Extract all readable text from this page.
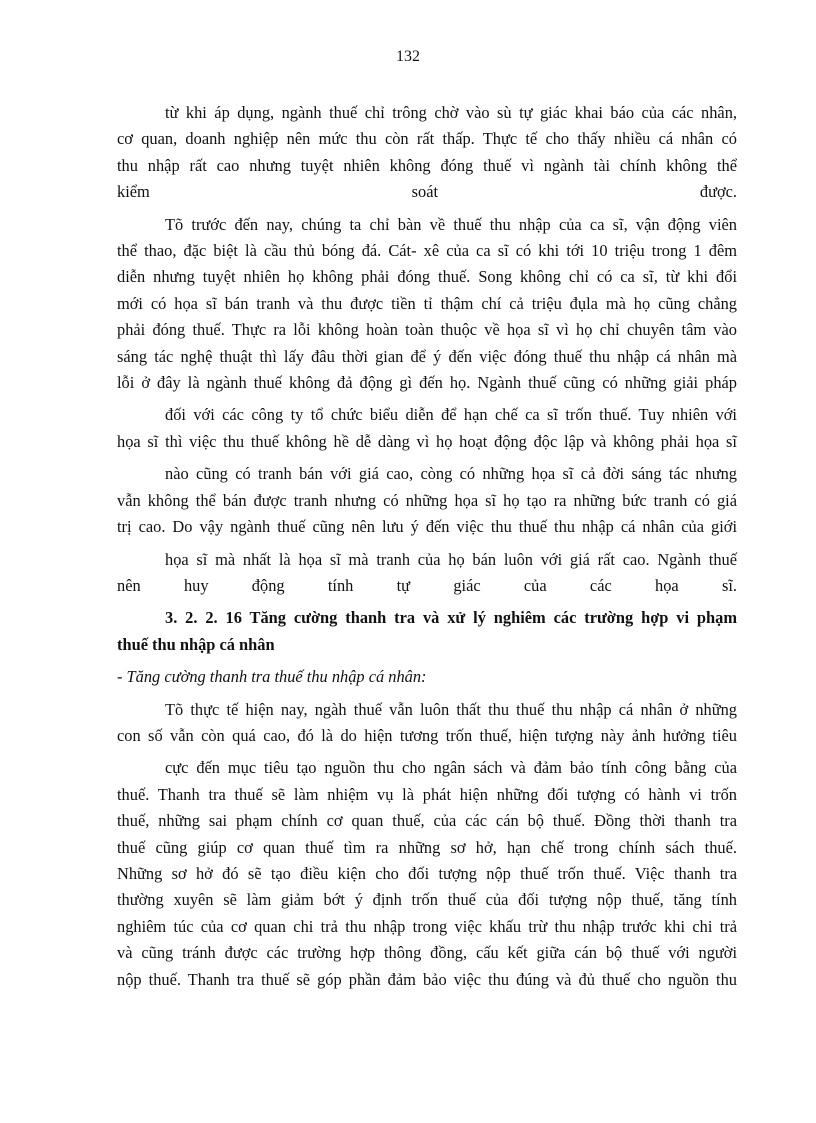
132

từ khi áp dụng, ngành thuế chỉ trông chờ vào sù tự giác khai báo của các nhân,

cơ quan, doanh nghiệp nên mức thu còn rất thấp. Thực tế cho thấy nhiều cá nhân có

thu nhập rất cao nhưng tuyệt nhiên không đóng thuế vì ngành tài chính không thể

kiểm soát được.

Tõ trước đến nay, chúng ta chỉ bàn về thuế thu nhập của ca sĩ, vận động viên

thể thao, đặc biệt là cầu thủ bóng đá. Cát- xê của ca sĩ có khi tới 10 triệu trong 1 đêm

diễn nhưng tuyệt nhiên họ không phải đóng thuế. Song không chỉ có ca sĩ, từ khi đổi

mới có họa sĩ bán tranh và thu được tiền tỉ thậm chí cả triệu đụla mà họ cũng chẳng

phải đóng thuế. Thực ra lỗi không hoàn toàn thuộc về họa sĩ vì họ chỉ chuyên tâm vào

sáng tác nghệ thuật thì lấy đâu thời gian để ý đến việc đóng thuế thu nhập cá nhân mà

lỗi ở đây là ngành thuế không đả động gì đến họ. Ngành thuế cũng có những giải pháp

đối với các công ty tổ chức biểu diễn để hạn chế ca sĩ trốn thuế. Tuy nhiên với

họa sĩ thì việc thu thuế không hề dễ dàng vì họ hoạt động độc lập và không phải họa sĩ

nào cũng có tranh bán với giá cao, còng có những họa sĩ cả đời sáng tác nhưng

vẫn không thể bán được tranh nhưng có những họa sĩ họ tạo ra những bức tranh có giá

trị cao. Do vậy ngành thuế cũng nên lưu ý đến việc thu thuế thu nhập cá nhân của giới

họa sĩ mà nhất là họa sĩ mà tranh của họ bán luôn với giá rất cao. Ngành thuế

nên huy động tính tự giác của các họa sĩ.

3. 2. 2. 16 Tăng cường thanh tra và xử lý nghiêm các trường hợp vi phạm

thuế thu nhập cá nhân

- Tăng cường thanh tra thuế thu nhập cá nhân:

Tõ thực tế hiện nay, ngàh thuế vẫn luôn thất thu thuế thu nhập cá nhân ở những

con số vẫn còn quá cao, đó là do hiện tương trốn thuế, hiện tượng này ảnh hưởng tiêu

cực đến mục tiêu tạo nguồn thu cho ngân sách và đảm bảo tính công bằng của

thuế. Thanh tra thuế sẽ làm nhiệm vụ là phát hiện những đối tượng có hành vi trốn

thuế, những sai phạm chính cơ quan thuế, của các cán bộ thuế. Đồng thời thanh tra

thuế cũng giúp cơ quan thuế tìm ra những sơ hở, hạn chế trong chính sách thuế.

Những sơ hở đó sẽ tạo điều kiện cho đối tượng nộp thuế trốn thuế. Việc thanh tra

thường xuyên sẽ làm giảm bớt ý định trốn thuế của đối tượng nộp thuế, tăng tính

nghiêm túc của cơ quan chi trả thu nhập trong việc khấu trừ thu nhập trước khi chi trả

và cũng tránh được các trường hợp thông đồng, cấu kết giữa cán bộ thuế với người

nộp thuế. Thanh tra thuế sẽ góp phần đảm bảo việc thu đúng và đủ thuế cho nguồn thu
